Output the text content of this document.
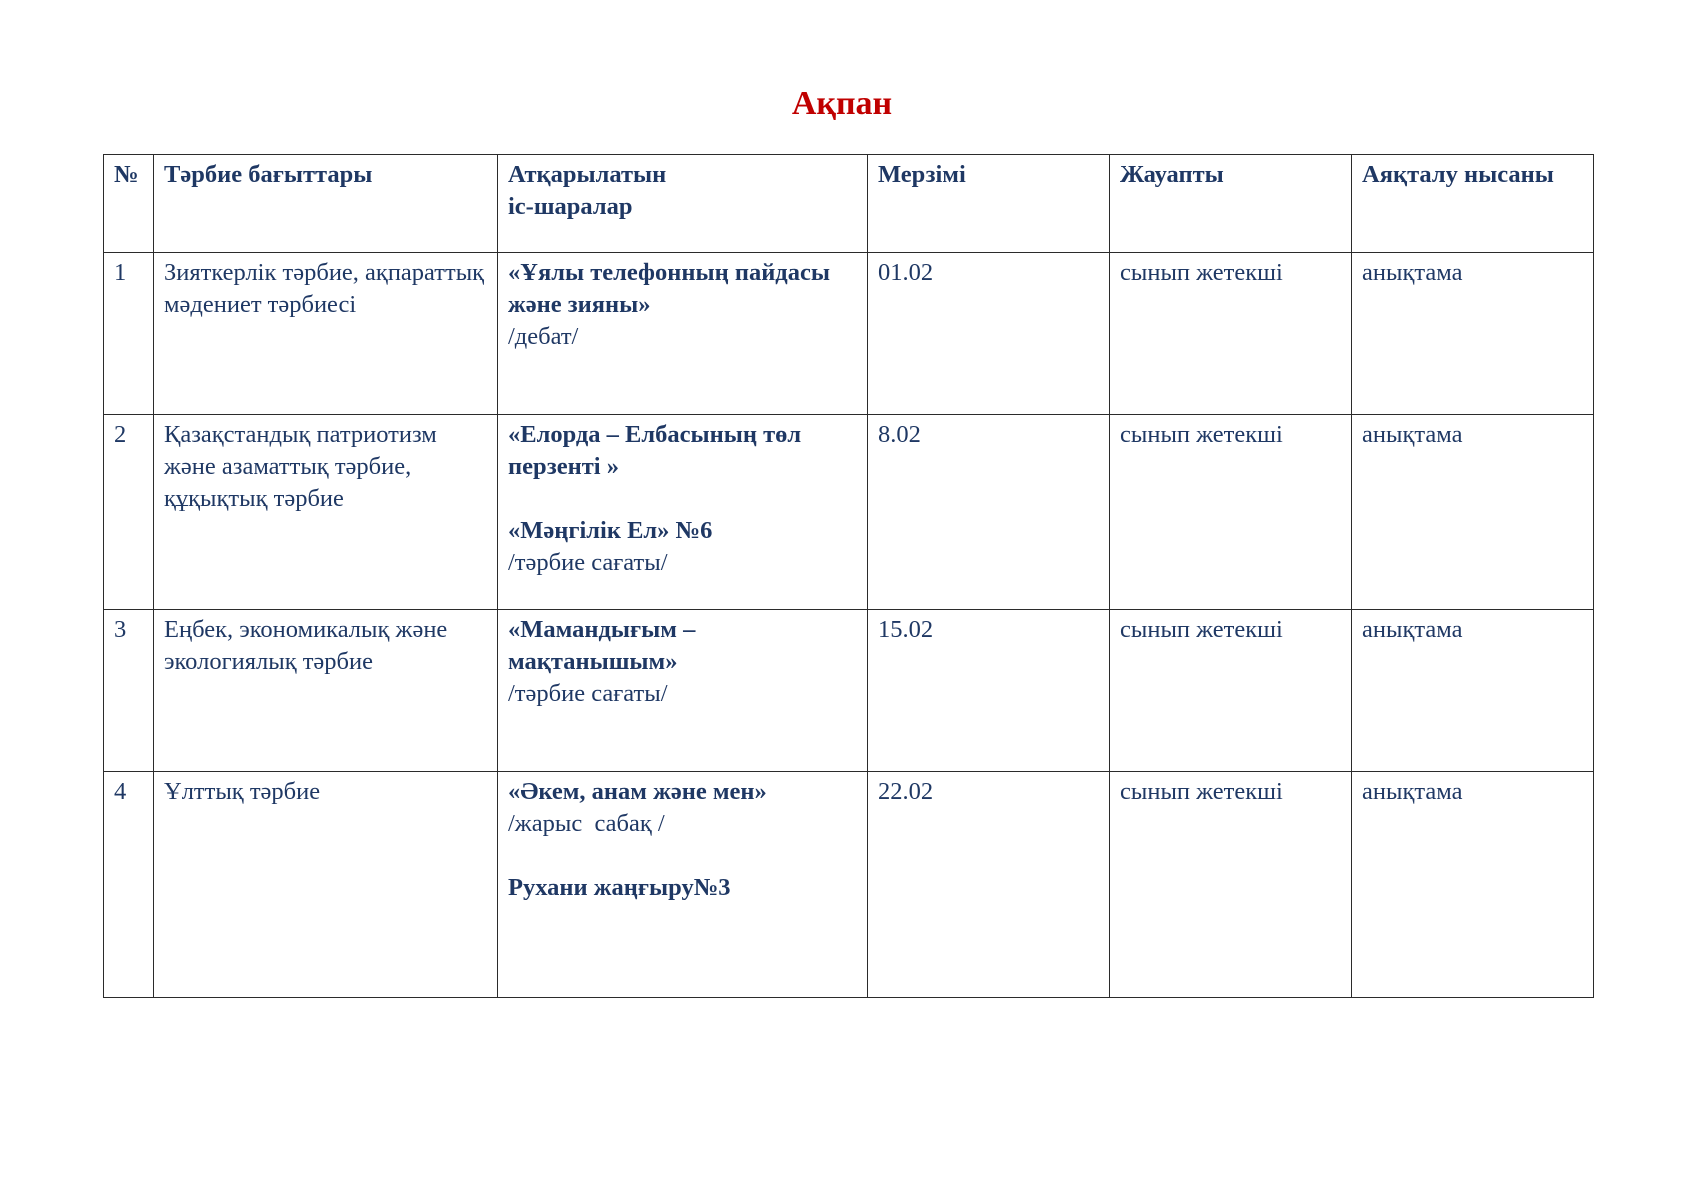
Ақпан
№	Тәрбие бағыттары	Атқарылатын
іс-шаралар	Мерзімі	Жауапты	Аяқталу нысаны
1	Зияткерлік тәрбие, ақпараттық мәдениет тәрбиесі	«Ұялы телефонның пайдасы және зияны»
/дебат/	01.02	сынып жетекші	анықтама
2	Қазақстандық патриотизм және азаматтық тәрбие, құқықтық тәрбие	«Елорда – Елбасының төл перзенті »
«Мәңгілік Ел» №6
/тәрбие сағаты/	8.02	сынып жетекші	анықтама
3	Еңбек, экономикалық және экологиялық тәрбие	«Мамандығым – мақтанышым»
/тәрбие сағаты/	15.02	сынып жетекші	анықтама
4	Ұлттық тәрбие	«Әкем, анам және мен»
/жарыс  сабақ /
Рухани жаңғыру№3	22.02	сынып жетекші	анықтама
